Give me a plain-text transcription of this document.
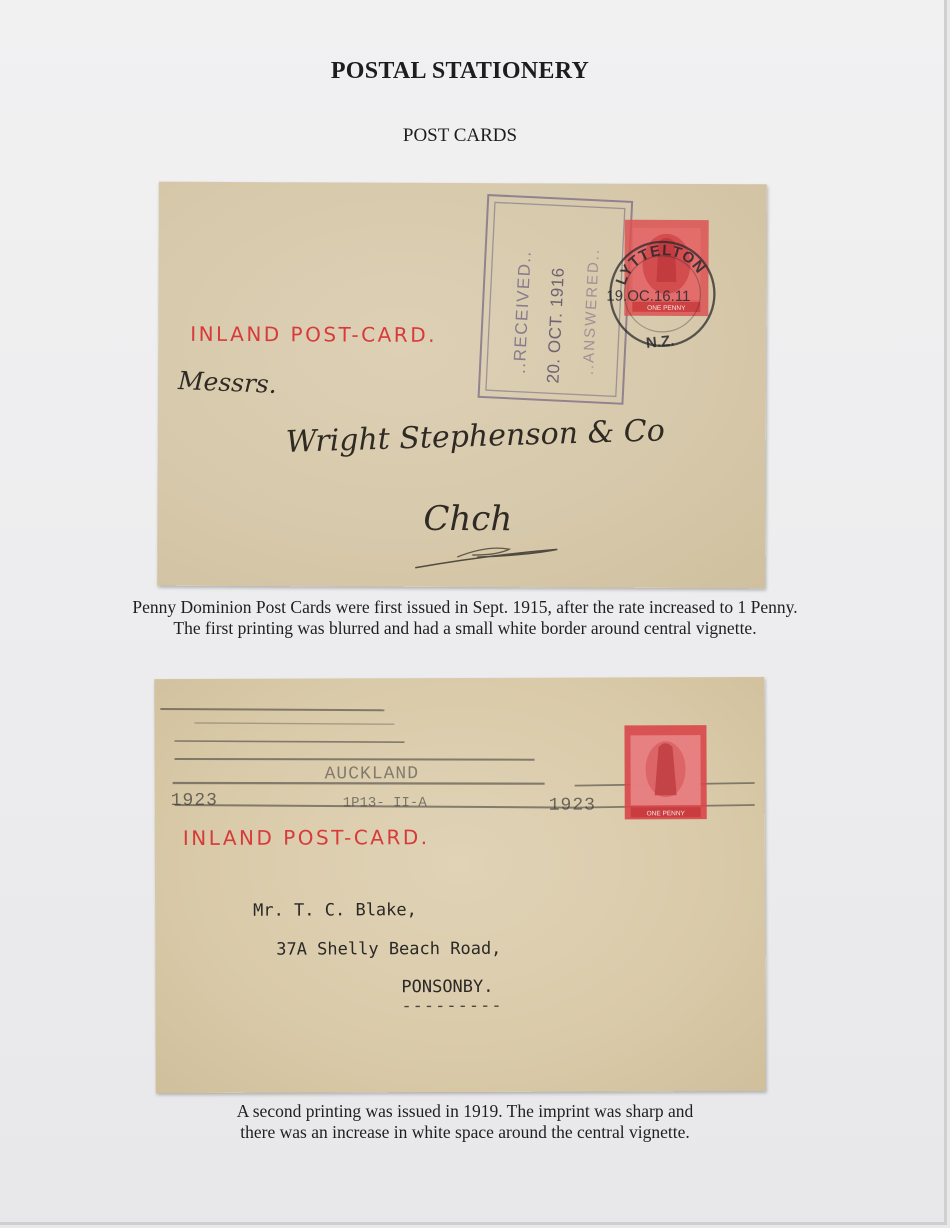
POSTAL STATIONERY
POST CARDS
INLAND POST-CARD.	..RECEIVED.. 20. OCT. 1916 ..ANSWERED..	ONE PENNY
LYTTELTON
19.OC.16.11
N.Z.
Messrs.
Wright Stephenson & Co
Chch
Penny Dominion Post Cards were first issued in Sept. 1915, after the rate increased to 1 Penny.
The first printing was blurred and had a small white border around central vignette.
AUCKLAND
1923	1P13- II-A	1923
INLAND POST-CARD.
ONE PENNY
Mr. T. C. Blake,
37A Shelly Beach Road,
PONSONBY.
---------
A second printing was issued in 1919. The imprint was sharp and
there was an increase in white space around the central vignette.
